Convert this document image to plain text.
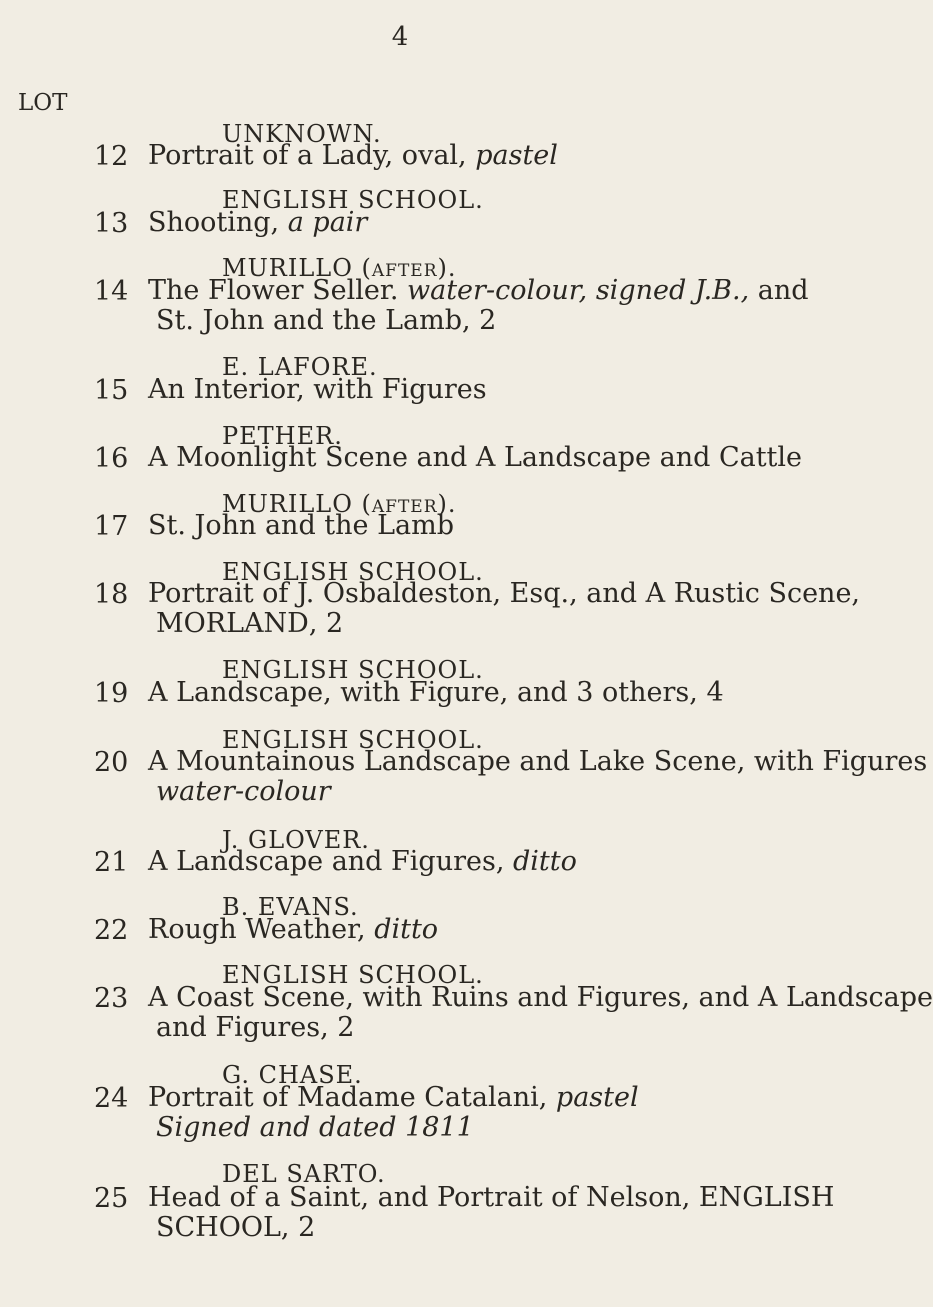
4
LOT
UNKNOWN.
12 Portrait of a Lady, oval, pastel
ENGLISH SCHOOL.
13 Shooting, a pair
MURILLO (after).
14 The Flower Seller. water-colour, signed J.B., and
St. John and the Lamb, 2
E. LAFORE.
15 An Interior, with Figures
PETHER.
16 A Moonlight Scene and A Landscape and Cattle
MURILLO (after).
17 St. John and the Lamb
ENGLISH SCHOOL.
18 Portrait of J. Osbaldeston, Esq., and A Rustic Scene,
MORLAND, 2
ENGLISH SCHOOL.
19 A Landscape, with Figure, and 3 others, 4
ENGLISH SCHOOL.
20 A Mountainous Landscape and Lake Scene, with Figures
water-colour
J. GLOVER.
21 A Landscape and Figures, ditto
B. EVANS.
22 Rough Weather, ditto
ENGLISH SCHOOL.
23 A Coast Scene, with Ruins and Figures, and A Landscape
and Figures, 2
G. CHASE.
24 Portrait of Madame Catalani, pastel
Signed and dated 1811
DEL SARTO.
25 Head of a Saint, and Portrait of Nelson, ENGLISH
SCHOOL, 2
